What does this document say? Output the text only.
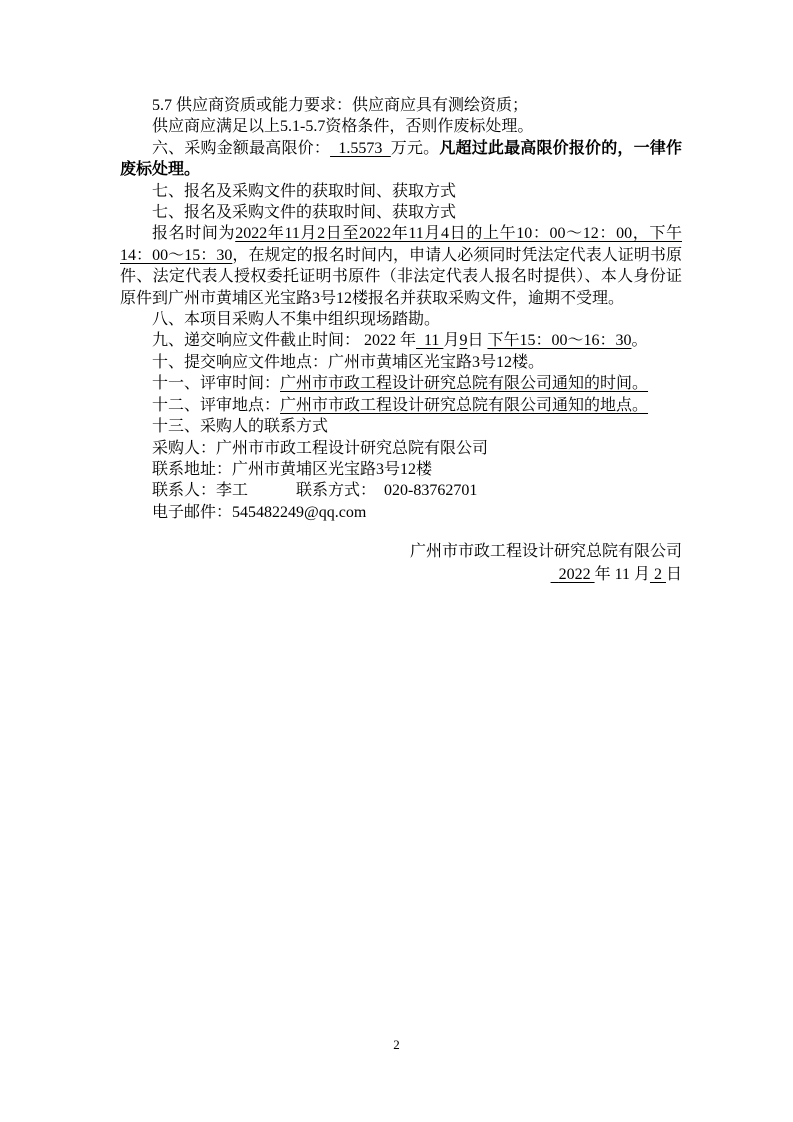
5.7 供应商资质或能力要求：供应商应具有测绘资质；

供应商应满足以上5.1-5.7资格条件，否则作废标处理。

六、采购金额最高限价：  1.5573  万元。凡超过此最高限价报价的，一律作废标处理。

七、报名及采购文件的获取时间、获取方式

七、报名及采购文件的获取时间、获取方式

报名时间为2022年11月2日至2022年11月4日的上午10：00～12：00，下午14：00～15：30，在规定的报名时间内，申请人必须同时凭法定代表人证明书原件、法定代表人授权委托证明书原件（非法定代表人报名时提供）、本人身份证原件到广州市黄埔区光宝路3号12楼报名并获取采购文件，逾期不受理。

八、本项目采购人不集中组织现场踏勘。

九、递交响应文件截止时间： 2022 年  11 月9日 下午15：00～16：30。

十、提交响应文件地点：广州市黄埔区光宝路3号12楼。

十一、评审时间：广州市市政工程设计研究总院有限公司通知的时间。

十二、评审地点：广州市市政工程设计研究总院有限公司通知的地点。

十三、采购人的联系方式

采购人：广州市市政工程设计研究总院有限公司

联系地址：广州市黄埔区光宝路3号12楼

联系人：李工　　　联系方式：  020-83762701

电子邮件：545482249@qq.com

广州市市政工程设计研究总院有限公司

2022 年 11 月 2 日

2
